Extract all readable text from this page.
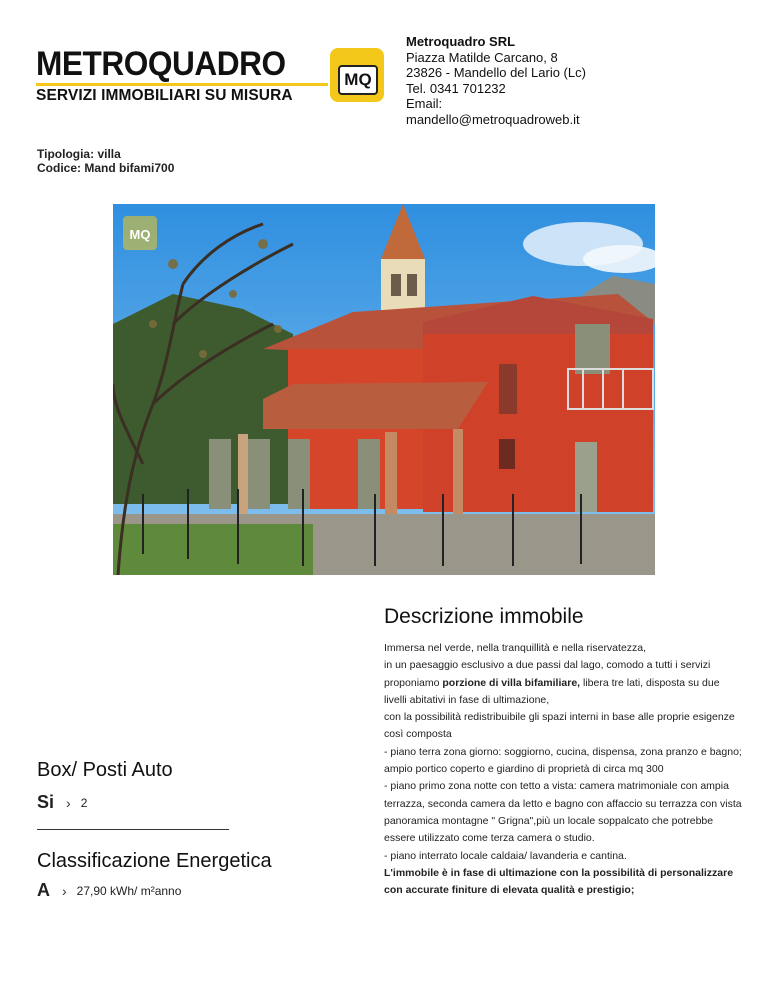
METROQUADRO
SERVIZI IMMOBILIARI SU MISURA
MQ
Metroquadro SRL
Piazza Matilde Carcano, 8
23826 - Mandello del Lario (Lc)
Tel. 0341 701232
Email:
mandello@metroquadroweb.it
Tipologia: villa
Codice: Mand bifami700
MQ
Descrizione immobile

Immersa nel verde, nella tranquillità e nella riservatezza,

in un paesaggio esclusivo a due passi dal lago, comodo a tutti i servizi

proponiamo porzione di villa bifamiliare, libera tre lati, disposta su due livelli abitativi in fase di ultimazione,

con la possibilità redistribuibile gli spazi interni in base alle proprie esigenze

così composta

- piano terra zona giorno: soggiorno, cucina, dispensa, zona pranzo e bagno; ampio portico coperto e giardino di proprietà di circa mq 300

- piano primo zona notte con tetto a vista: camera matrimoniale con ampia terrazza, seconda camera da letto e bagno con affaccio su terrazza con vista panoramica montagne " Grigna",più un locale soppalcato che potrebbe essere utilizzato come terza camera o studio.

- piano interrato locale caldaia/ lavanderia e cantina.

L'immobile è in fase di ultimazione con la possibilità di personalizzare con accurate finiture di elevata qualità e prestigio;

Box/ Posti Auto
Si › 2
Classificazione Energetica
A › 27,90 kWh/ m²anno
